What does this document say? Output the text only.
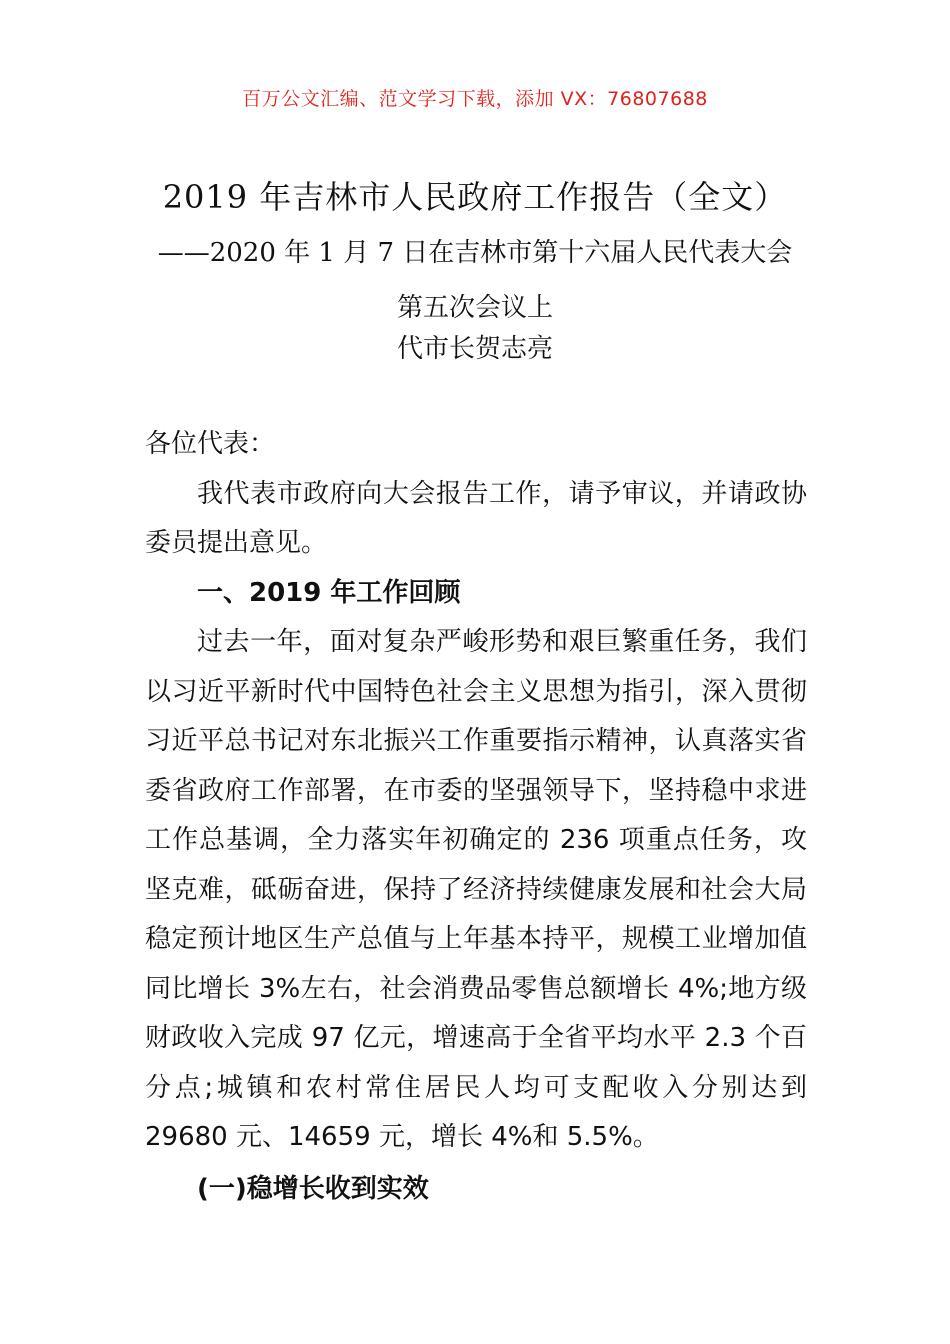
百万公文汇编、范文学习下载，添加 VX：76807688
2019 年吉林市人民政府工作报告（全文）
——2020 年 1 月 7 日在吉林市第十六届人民代表大会第五次会议上
代市长贺志亮

各位代表：

我代表市政府向大会报告工作，请予审议，并请政协委员提出意见。

一、2019 年工作回顾

过去一年，面对复杂严峻形势和艰巨繁重任务，我们以习近平新时代中国特色社会主义思想为指引，深入贯彻习近平总书记对东北振兴工作重要指示精神，认真落实省委省政府工作部署，在市委的坚强领导下，坚持稳中求进工作总基调，全力落实年初确定的 236 项重点任务，攻坚克难，砥砺奋进，保持了经济持续健康发展和社会大局稳定预计地区生产总值与上年基本持平，规模工业增加值同比增长 3%左右，社会消费品零售总额增长 4%;地方级财政收入完成 97 亿元，增速高于全省平均水平 2.3 个百分点;城镇和农村常住居民人均可支配收入分别达到 29680 元、14659 元，增长 4%和 5.5%。

(一)稳增长收到实效
